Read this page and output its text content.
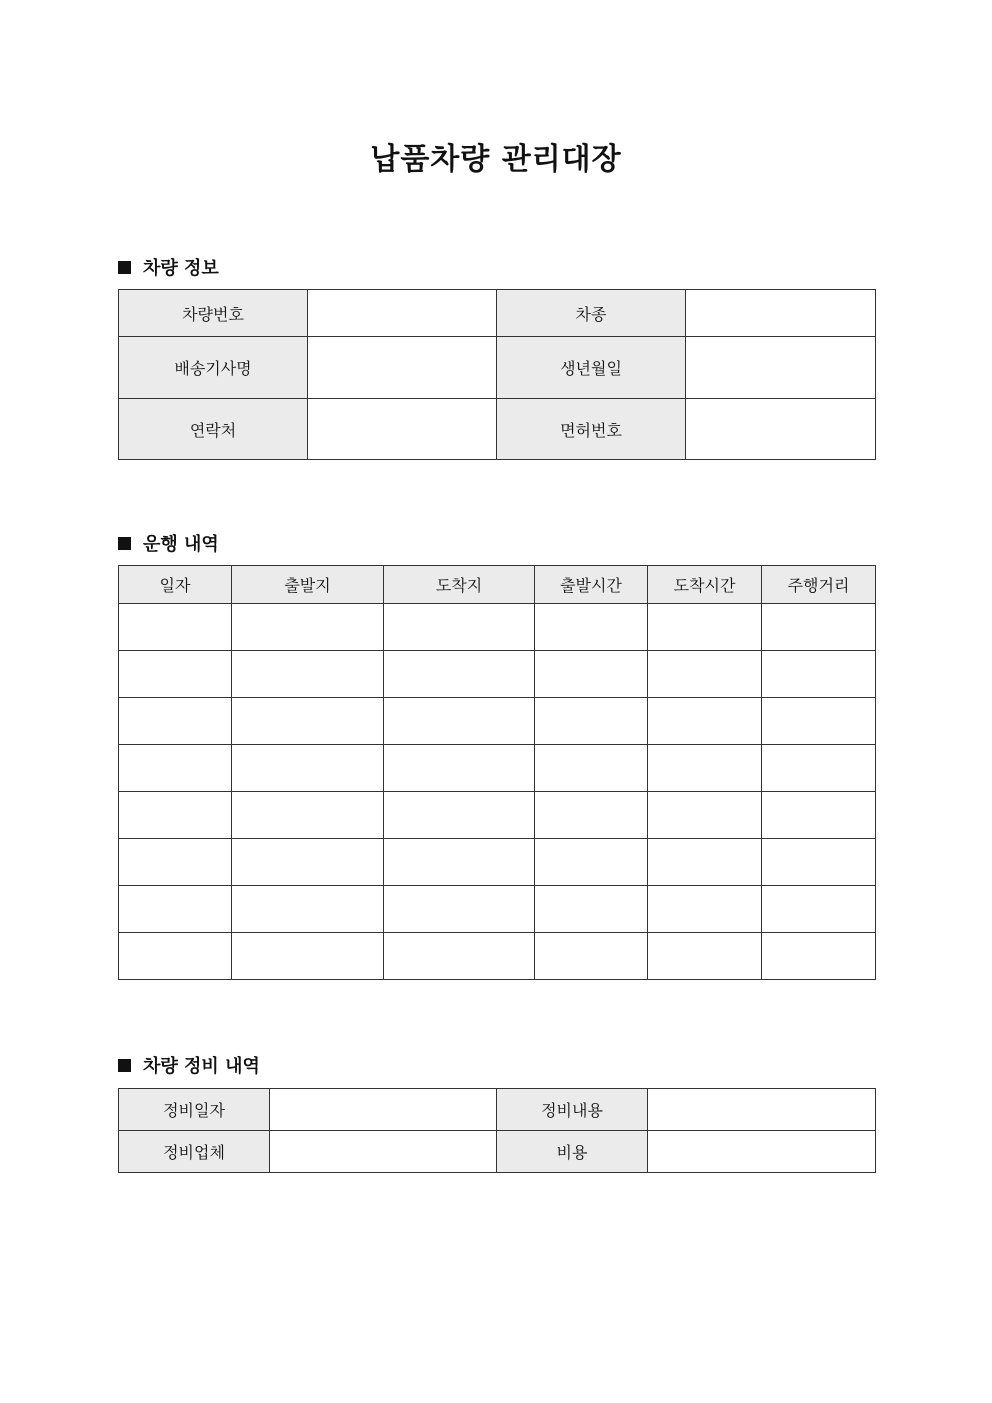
납품차량 관리대장
차량 정보
차량번호		차종	
배송기사명		생년월일	
연락처		면허번호	
운행 내역
일자	출발지	도착지	출발시간	도착시간	주행거리

차량 정비 내역
정비일자		정비내용	
정비업체		비용	
